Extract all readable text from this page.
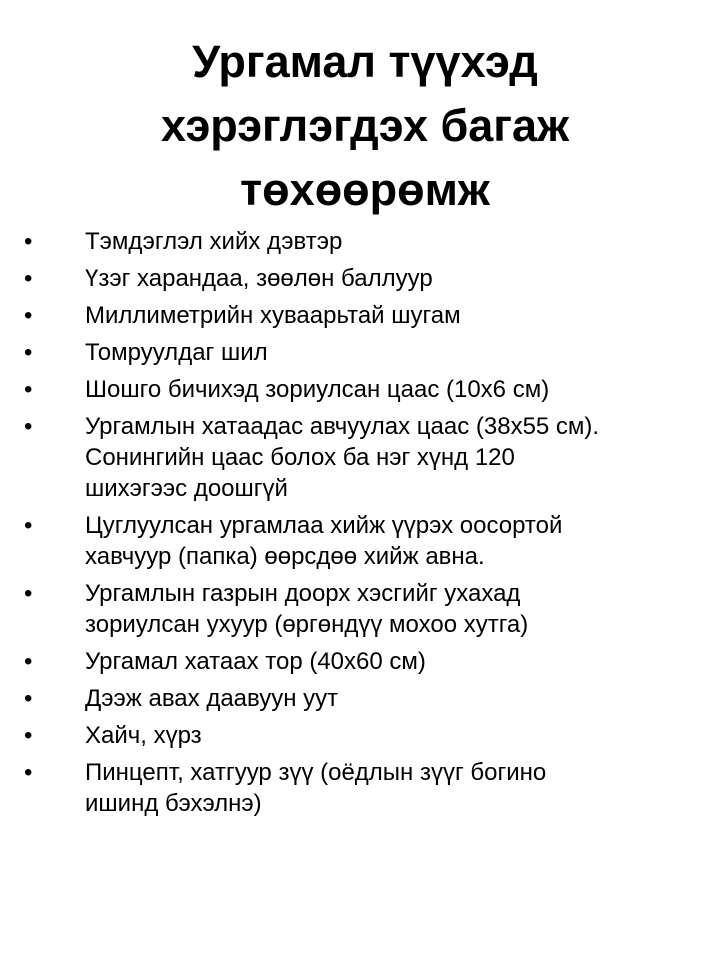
Ургамал түүхэд
хэрэглэгдэх багаж
төхөөрөмж
•	Тэмдэглэл хийх дэвтэр
•	Үзэг харандаа, зөөлөн баллуур
•	Миллиметрийн хуваарьтай шугам
•	Томруулдаг шил
•	Шошго бичихэд зориулсан цаас (10х6 см)
•	Ургамлын хатаадас авчуулах цаас (38х55 см).
Сонингийн цаас болох ба нэг хүнд 120
шихэгээс доошгүй
•	Цуглуулсан ургамлаа хийж үүрэх оосортой
хавчуур (папка) өөрсдөө хийж авна.
•	Ургамлын газрын доорх хэсгийг ухахад
зориулсан ухуур (өргөндүү мохоо хутга)
•	Ургамал хатаах тор (40х60 см)
•	Дээж авах даавуун уут
•	Хайч, хүрз
•	Пинцепт, хатгуур зүү (оёдлын зүүг богино
ишинд бэхэлнэ)
